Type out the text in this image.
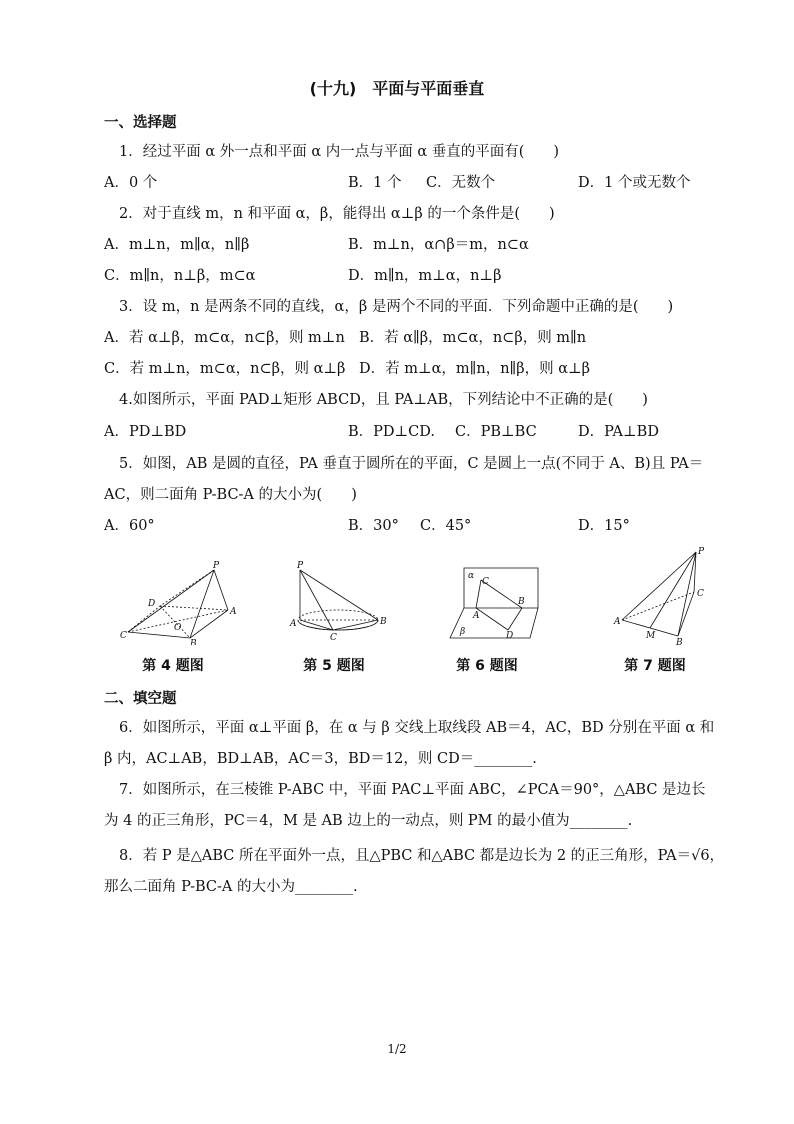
(十九)　平面与平面垂直
一、选择题
1．经过平面 α 外一点和平面 α 内一点与平面 α 垂直的平面有(　　)
A．0 个	B．1 个 C．无数个	D．1 个或无数个
2．对于直线 m，n 和平面 α，β，能得出 α⊥β 的一个条件是(　　)
A．m⊥n，m∥α，n∥β	B．m⊥n，α∩β＝m，n⊂α
C．m∥n，n⊥β，m⊂α	D．m∥n，m⊥α，n⊥β
3．设 m，n 是两条不同的直线，α，β 是两个不同的平面．下列命题中正确的是(　　)
A．若 α⊥β，m⊂α，n⊂β，则 m⊥n B．若 α∥β，m⊂α，n⊂β，则 m∥n
C．若 m⊥n，m⊂α，n⊂β，则 α⊥β D．若 m⊥α，m∥n，n∥β，则 α⊥β
4.如图所示，平面 PAD⊥矩形 ABCD，且 PA⊥AB，下列结论中不正确的是(　　)
A．PD⊥BD	B．PD⊥CD. C．PB⊥BC	D．PA⊥BD
5．如图，AB 是圆的直径，PA 垂直于圆所在的平面，C 是圆上一点(不同于 A、B)且 PA＝
AC，则二面角 P-BC-A 的大小为(　　)
A．60°	B．30° C．45°	D．15°
P
D
A
C
O
B
P
A	B
C
α
C
A
B
β	D
P
C
A
M
B
第 4 题图	第 5 题图	第 6 题图	第 7 题图
二、填空题
6．如图所示，平面 α⊥平面 β，在 α 与 β 交线上取线段 AB＝4，AC，BD 分别在平面 α 和
β 内，AC⊥AB，BD⊥AB，AC＝3，BD＝12，则 CD＝________.
7．如图所示，在三棱锥 P-ABC 中，平面 PAC⊥平面 ABC，∠PCA＝90°，△ABC 是边长
为 4 的正三角形，PC＝4，M 是 AB 边上的一动点，则 PM 的最小值为________.
8．若 P 是△ABC 所在平面外一点，且△PBC 和△ABC 都是边长为 2 的正三角形，PA＝√6，
那么二面角 P-BC-A 的大小为________.
1/2
